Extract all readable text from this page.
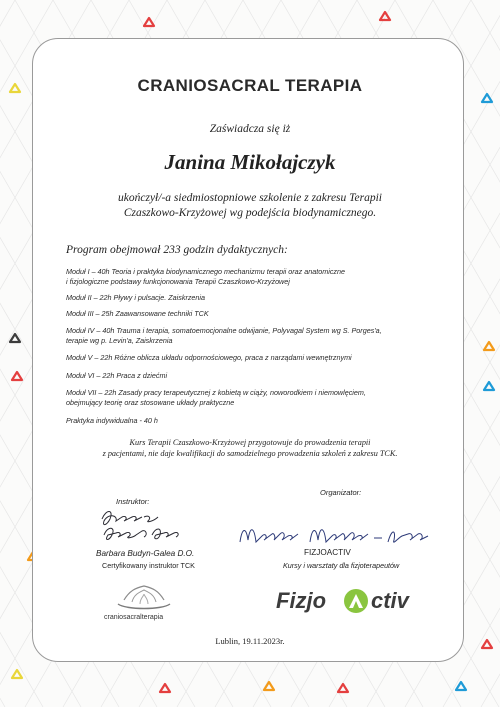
CRANIOSACRAL TERAPIA
Zaświadcza się iż
Janina Mikołajczyk
ukończył/-a siedmiostopniowe szkolenie z zakresu Terapii
Czaszkowo-Krzyżowej wg podejścia biodynamicznego.
Program obejmował 233 godzin dydaktycznych:
Moduł I – 40h Teoria i praktyka biodynamicznego mechanizmu terapii oraz anatomiczne
i fizjologiczne podstawy funkcjonowania Terapii Czaszkowo-Krzyżowej
Moduł II – 22h Pływy i pulsacje. Zaiskrzenia
Moduł III – 25h Zaawansowane techniki TCK
Moduł IV – 40h Trauma i terapia, somatoemocjonalne odwijanie, Polyvagal System wg S. Porges'a,
terapie wg p. Levin'a, Zaiskrzenia
Moduł V – 22h Różne oblicza układu odpornościowego, praca z narządami wewnętrznymi
Moduł VI – 22h Praca z dziećmi
Moduł VII – 22h Zasady pracy terapeutycznej z kobietą w ciąży, noworodkiem i niemowlęciem,
obejmujący teorię oraz stosowane układy praktyczne
Praktyka indywidualna - 40 h
Kurs Terapii Czaszkowo-Krzyżowej przygotowuje do prowadzenia terapii
z pacjentami, nie daje kwalifikacji do samodzielnego prowadzenia szkoleń z zakresu TCK.
Instruktor:
Barbara Budyn-Galea D.O.
Certyfikowany instruktor TCK
Organizator:
FIZJOACTIV
Kursy i warsztaty dla fizjoterapeutów
craniosacralterapia
Fizjo ctiv
Lublin, 19.11.2023r.
